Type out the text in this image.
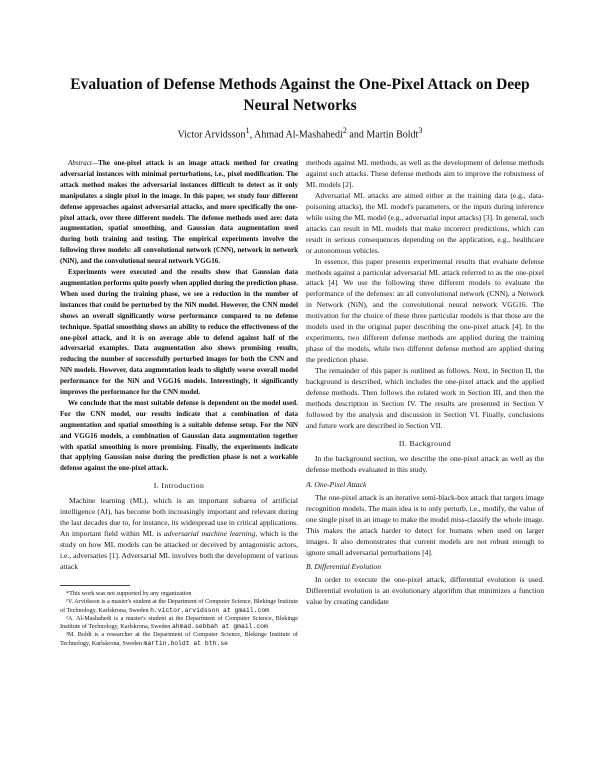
Evaluation of Defense Methods Against the One-Pixel Attack on Deep Neural Networks
Victor Arvidsson$^1$, Ahmad Al-Mashahedi$^2$ and Martin Boldt$^3$

Abstract—The one-pixel attack is an image attack method for creating adversarial instances with minimal perturbations, i.e., pixel modification. The attack method makes the adversarial instances difficult to detect as it only manipulates a single pixel in the image. In this paper, we study four different defense approaches against adversarial attacks, and more specifically the one-pixel attack, over three different models. The defense methods used are: data augmentation, spatial smoothing, and Gaussian data augmentation used during both training and testing. The empirical experiments involve the following three models: all convolutional network (CNN), network in network (NiN), and the convolutional neural network VGG16.

Experiments were executed and the results show that Gaussian data augmentation performs quite poorly when applied during the prediction phase. When used during the training phase, we see a reduction in the number of instances that could be perturbed by the NiN model. However, the CNN model shows an overall significantly worse performance compared to no defense technique. Spatial smoothing shows an ability to reduce the effectiveness of the one-pixel attack, and it is on average able to defend against half of the adversarial examples. Data augmentation also shows promising results, reducing the number of successfully perturbed images for both the CNN and NiN models. However, data augmentation leads to slightly worse overall model performance for the NiN and VGG16 models. Interestingly, it significantly improves the performance for the CNN model.

We conclude that the most suitable defense is dependent on the model used. For the CNN model, our results indicate that a combination of data augmentation and spatial smoothing is a suitable defense setup. For the NiN and VGG16 models, a combination of Gaussian data augmentation together with spatial smoothing is more promising. Finally, the experiments indicate that applying Gaussian noise during the prediction phase is not a workable defense against the one-pixel attack.

I. Introduction

Machine learning (ML), which is an important subarea of artificial intelligence (AI), has become both increasingly important and relevant during the last decades due to, for instance, its widespread use in critical applications. An important field within ML is adversarial machine learning, which is the study on how ML models can be attacked or deceived by antagonistic actors, i.e., adversaries [1]. Adversarial ML involves both the development of various attack

*This work was not supported by any organization

¹V. Arvidsson is a master's student at the Department of Computer Science, Blekinge Institute of Technology, Karlskrona, Sweden h.victor.arvidsson at gmail.com

²A. Al-Mashahedi is a master's student at the Department of Computer Science, Blekinge Institute of Technology, Karlskrona, Sweden ahmad.sebbah at gmail.com

³M. Boldt is a researcher at the Department of Computer Science, Blekinge Institute of Technology, Karlskrona, Sweden martin.boldt at bth.se

methods against ML methods, as well as the development of defense methods against such attacks. These defense methods aim to improve the robustness of ML models [2].

Adversarial ML attacks are aimed either at the training data (e.g., data-poisoning attacks), the ML model's parameters, or the inputs during inference while using the ML model (e.g., adversarial input attacks) [3]. In general, such attacks can result in ML models that make incorrect predictions, which can result in serious consequences depending on the application, e.g., healthcare or autonomous vehicles.

In essence, this paper presents experimental results that evaluate defense methods against a particular adversarial ML attack referred to as the one-pixel attack [4]. We use the following three different models to evaluate the performance of the defenses: an all convolutional network (CNN), a Network in Network (NiN), and the convolutional neural network VGG16. The motivation for the choice of these three particular models is that those are the models used in the original paper describing the one-pixel attack [4]. In the experiments, two different defense methods are applied during the training phase of the models, while two different defense method are applied during the prediction phase.

The remainder of this paper is outlined as follows. Next, in Section II, the background is described, which includes the one-pixel attack and the applied defense methods. Then follows the related work in Section III, and then the methods description in Section IV. The results are presented in Section V followed by the analysis and discussion in Section VI. Finally, conclusions and future work are described in Section VII.

II. Background

In the background section, we describe the one-pixel attack as well as the defense methods evaluated in this study.

A. One-Pixel Attack

The one-pixel attack is an iterative semi-black-box attack that targets image recognition models. The main idea is to only perturb, i.e., modify, the value of one single pixel in an image to make the model miss-classify the whole image. This makes the attack harder to detect for humans when used on larger images. It also demonstrates that current models are not robust enough to ignore small adversarial perturbations [4].

B. Differential Evolution

In order to execute the one-pixel attack, differential evolution is used. Differential evolution is an evolutionary algorithm that minimizes a function value by creating candidate
